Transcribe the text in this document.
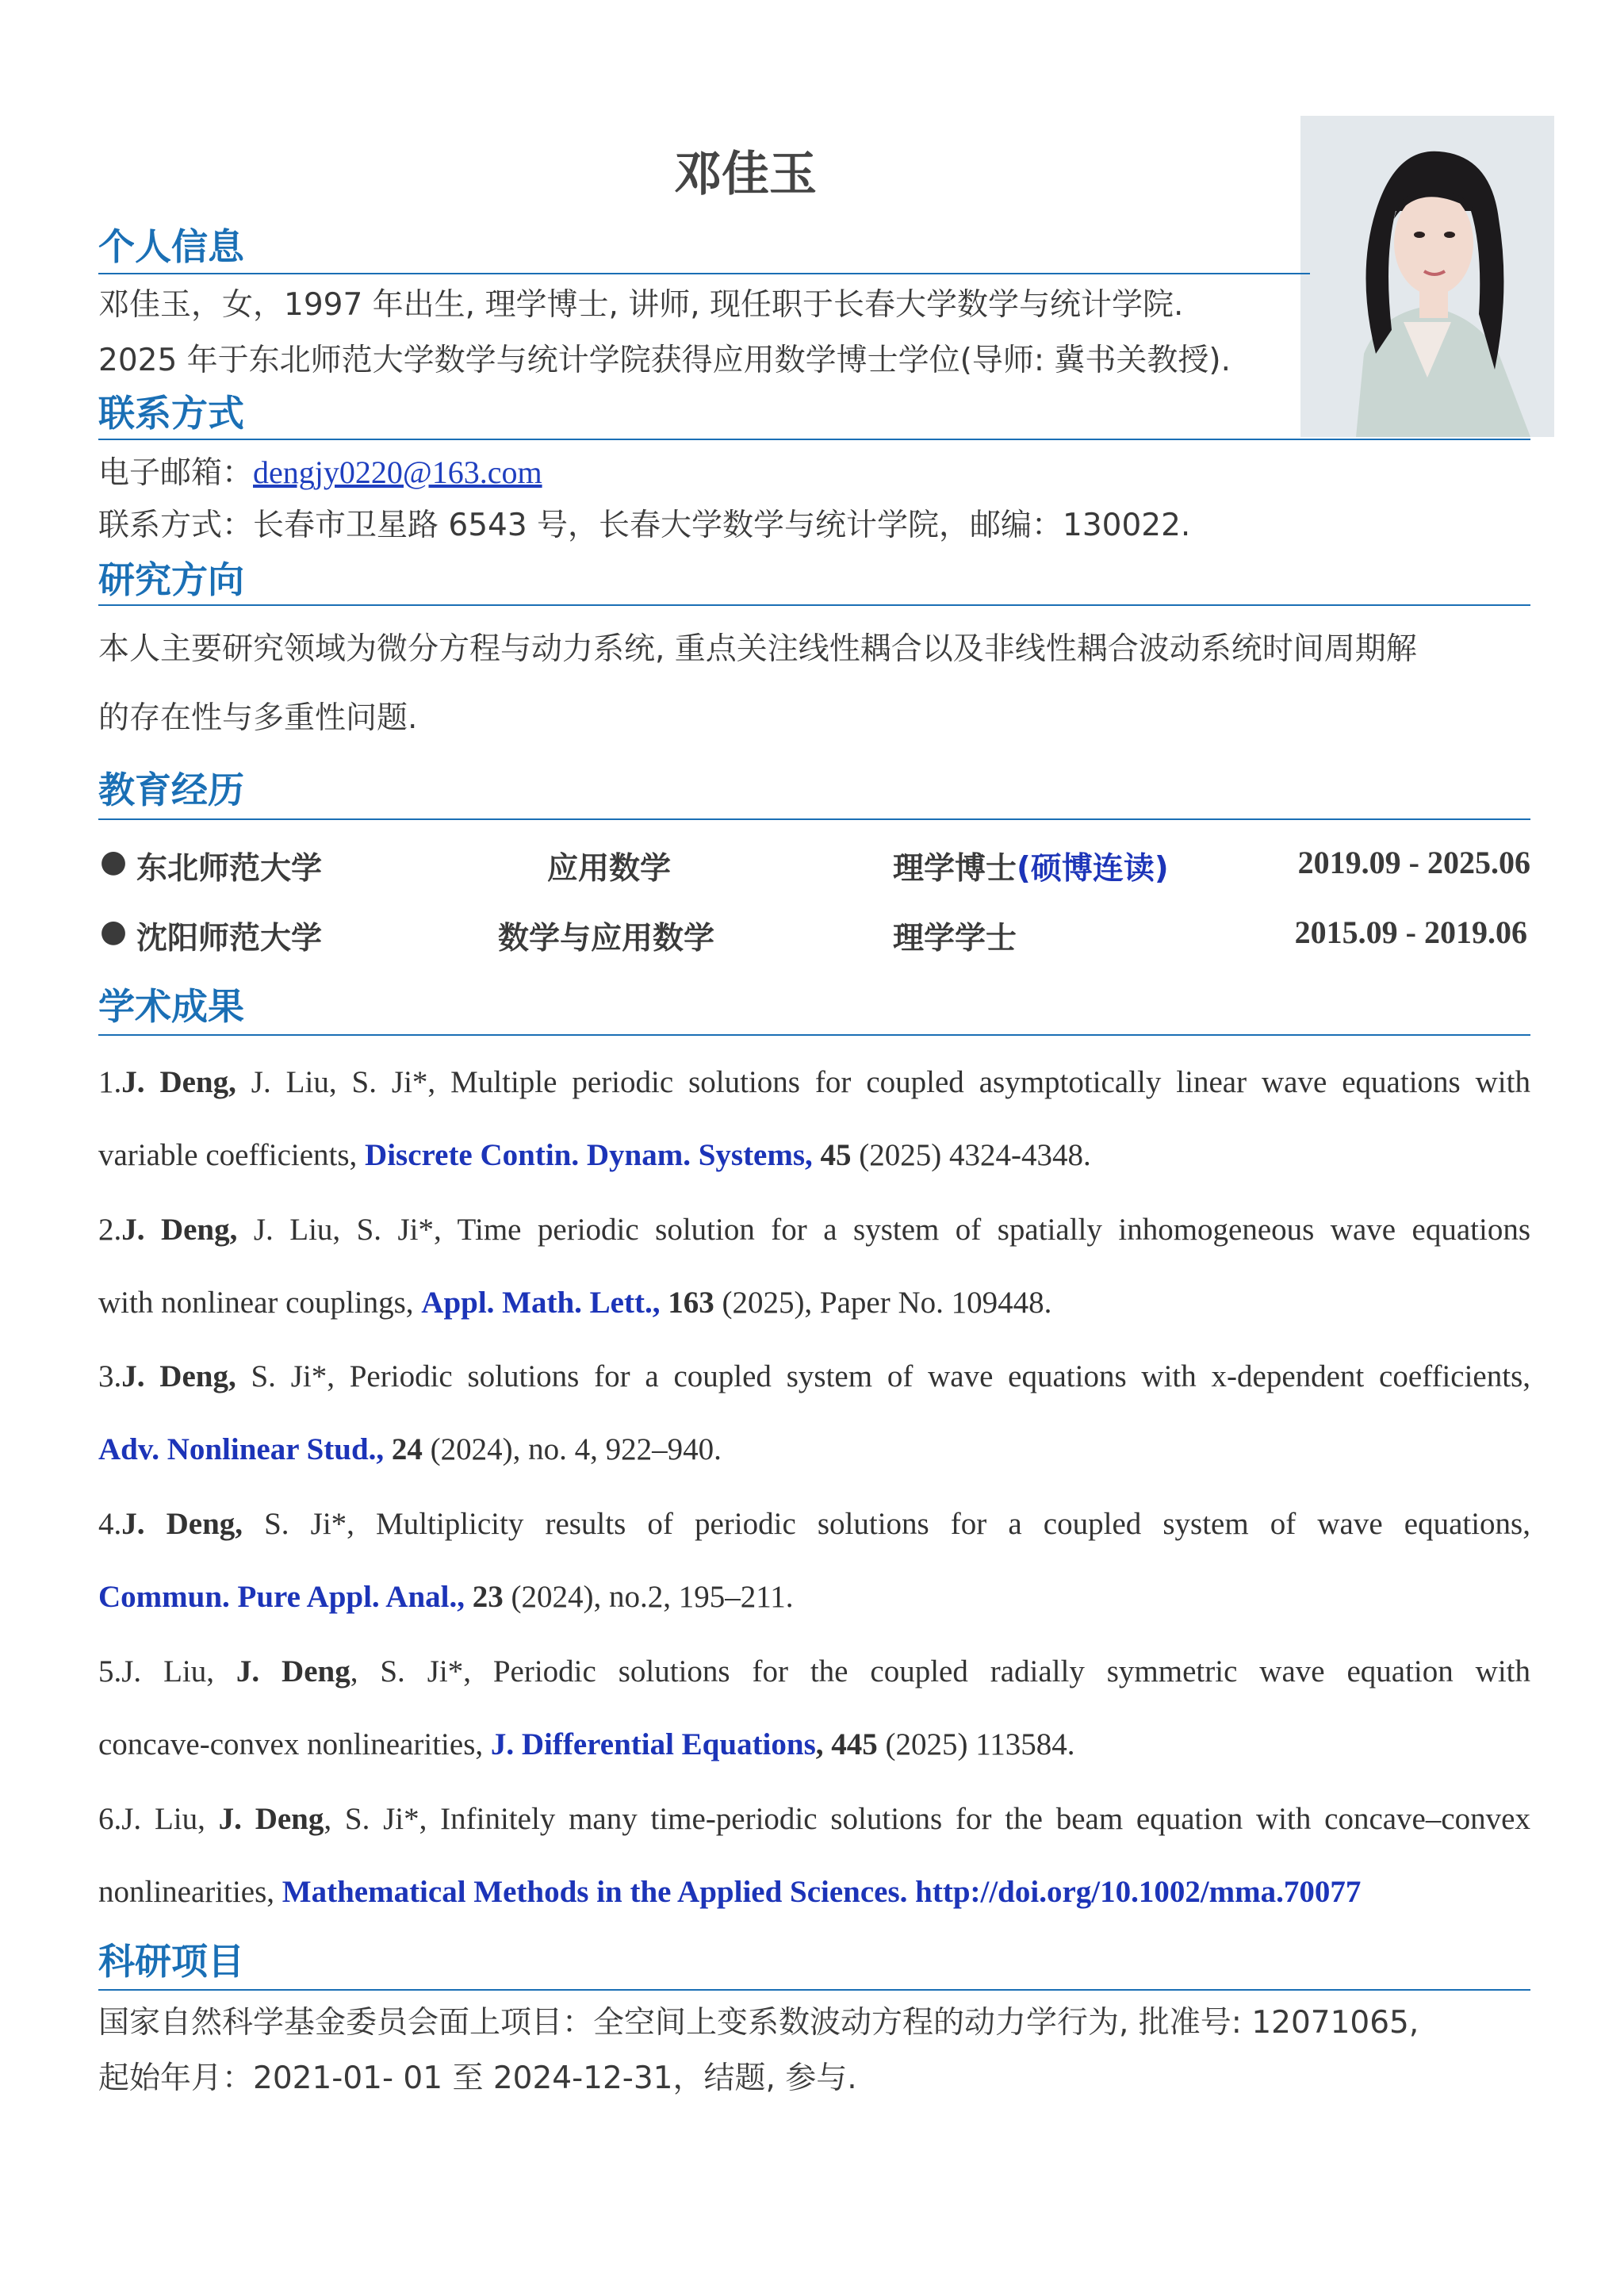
邓佳玉
个人信息
邓佳玉，女，1997 年出生, 理学博士, 讲师, 现任职于长春大学数学与统计学院.
2025 年于东北师范大学数学与统计学院获得应用数学博士学位(导师: 冀书关教授).
联系方式
电子邮箱：dengjy0220@163.com
联系方式：长春市卫星路 6543 号，长春大学数学与统计学院，邮编：130022.
研究方向
本人主要研究领域为微分方程与动力系统, 重点关注线性耦合以及非线性耦合波动系统时间周期解
的存在性与多重性问题.
教育经历
● 东北师范大学	应用数学	理学博士(硕博连读)	2019.09 - 2025.06
● 沈阳师范大学	数学与应用数学	理学学士	2015.09 - 2019.06
学术成果
1.J. Deng, J. Liu, S. Ji*, Multiple periodic solutions for coupled asymptotically linear wave equations with
variable coefficients, Discrete Contin. Dynam. Systems, 45 (2025) 4324-4348.
2.J. Deng, J. Liu, S. Ji*, Time periodic solution for a system of spatially inhomogeneous wave equations
with nonlinear couplings, Appl. Math. Lett., 163 (2025), Paper No. 109448.
3.J. Deng, S. Ji*, Periodic solutions for a coupled system of wave equations with x-dependent coefficients,
Adv. Nonlinear Stud., 24 (2024), no. 4, 922–940.
4.J. Deng, S. Ji*, Multiplicity results of periodic solutions for a coupled system of wave equations,
Commun. Pure Appl. Anal., 23 (2024), no.2, 195–211.
5.J. Liu, J. Deng, S. Ji*, Periodic solutions for the coupled radially symmetric wave equation with
concave-convex nonlinearities, J. Differential Equations, 445 (2025) 113584.
6.J. Liu, J. Deng, S. Ji*, Infinitely many time-periodic solutions for the beam equation with concave–convex
nonlinearities, Mathematical Methods in the Applied Sciences. http://doi.org/10.1002/mma.70077
科研项目
国家自然科学基金委员会面上项目：全空间上变系数波动方程的动力学行为, 批准号: 12071065,
起始年月：2021-01- 01 至 2024-12-31，结题, 参与.
